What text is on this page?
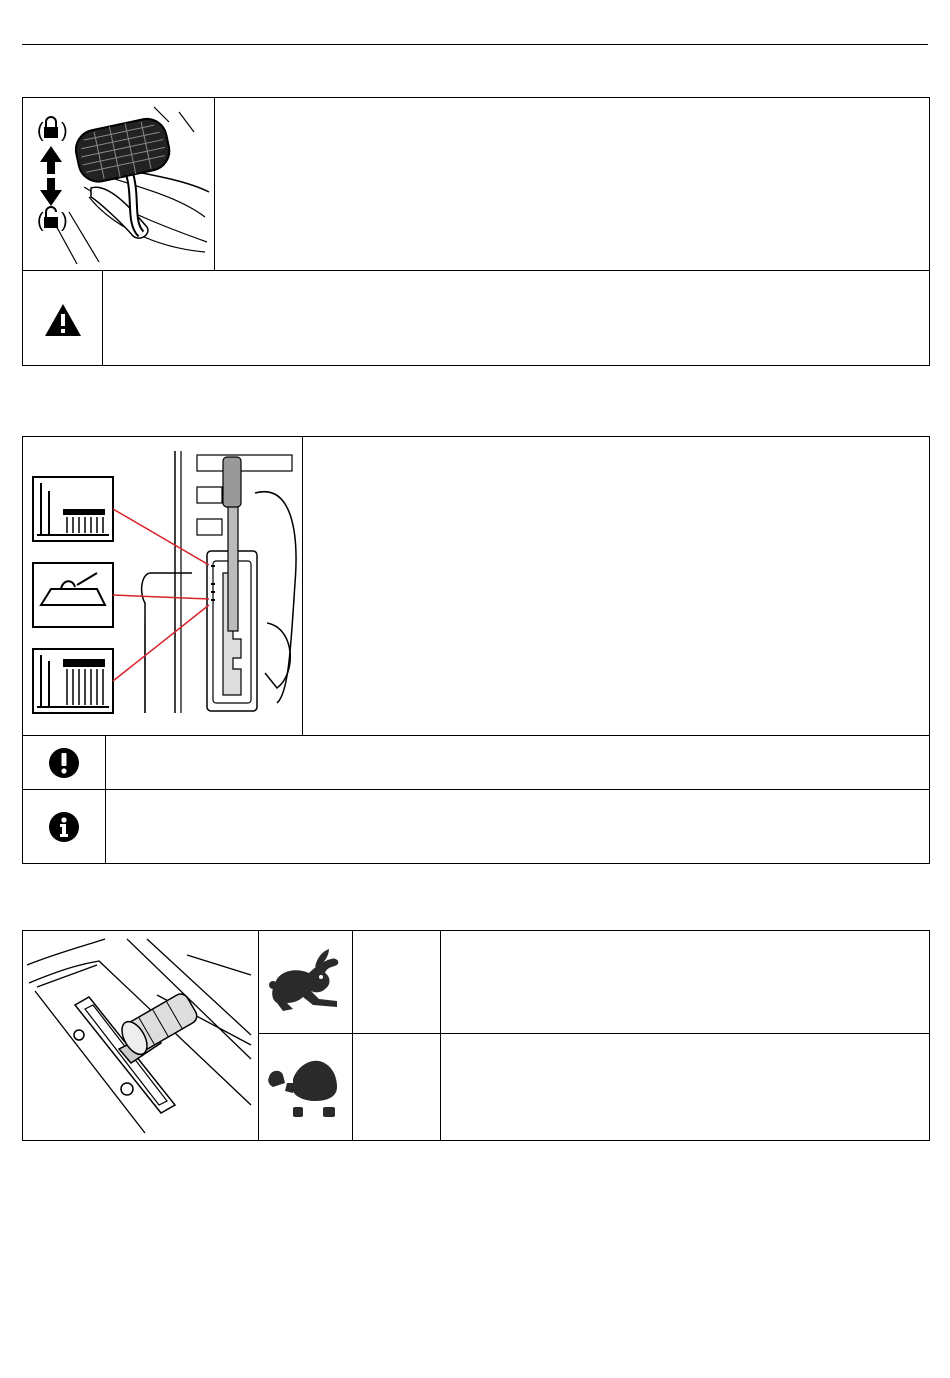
( )
( )
